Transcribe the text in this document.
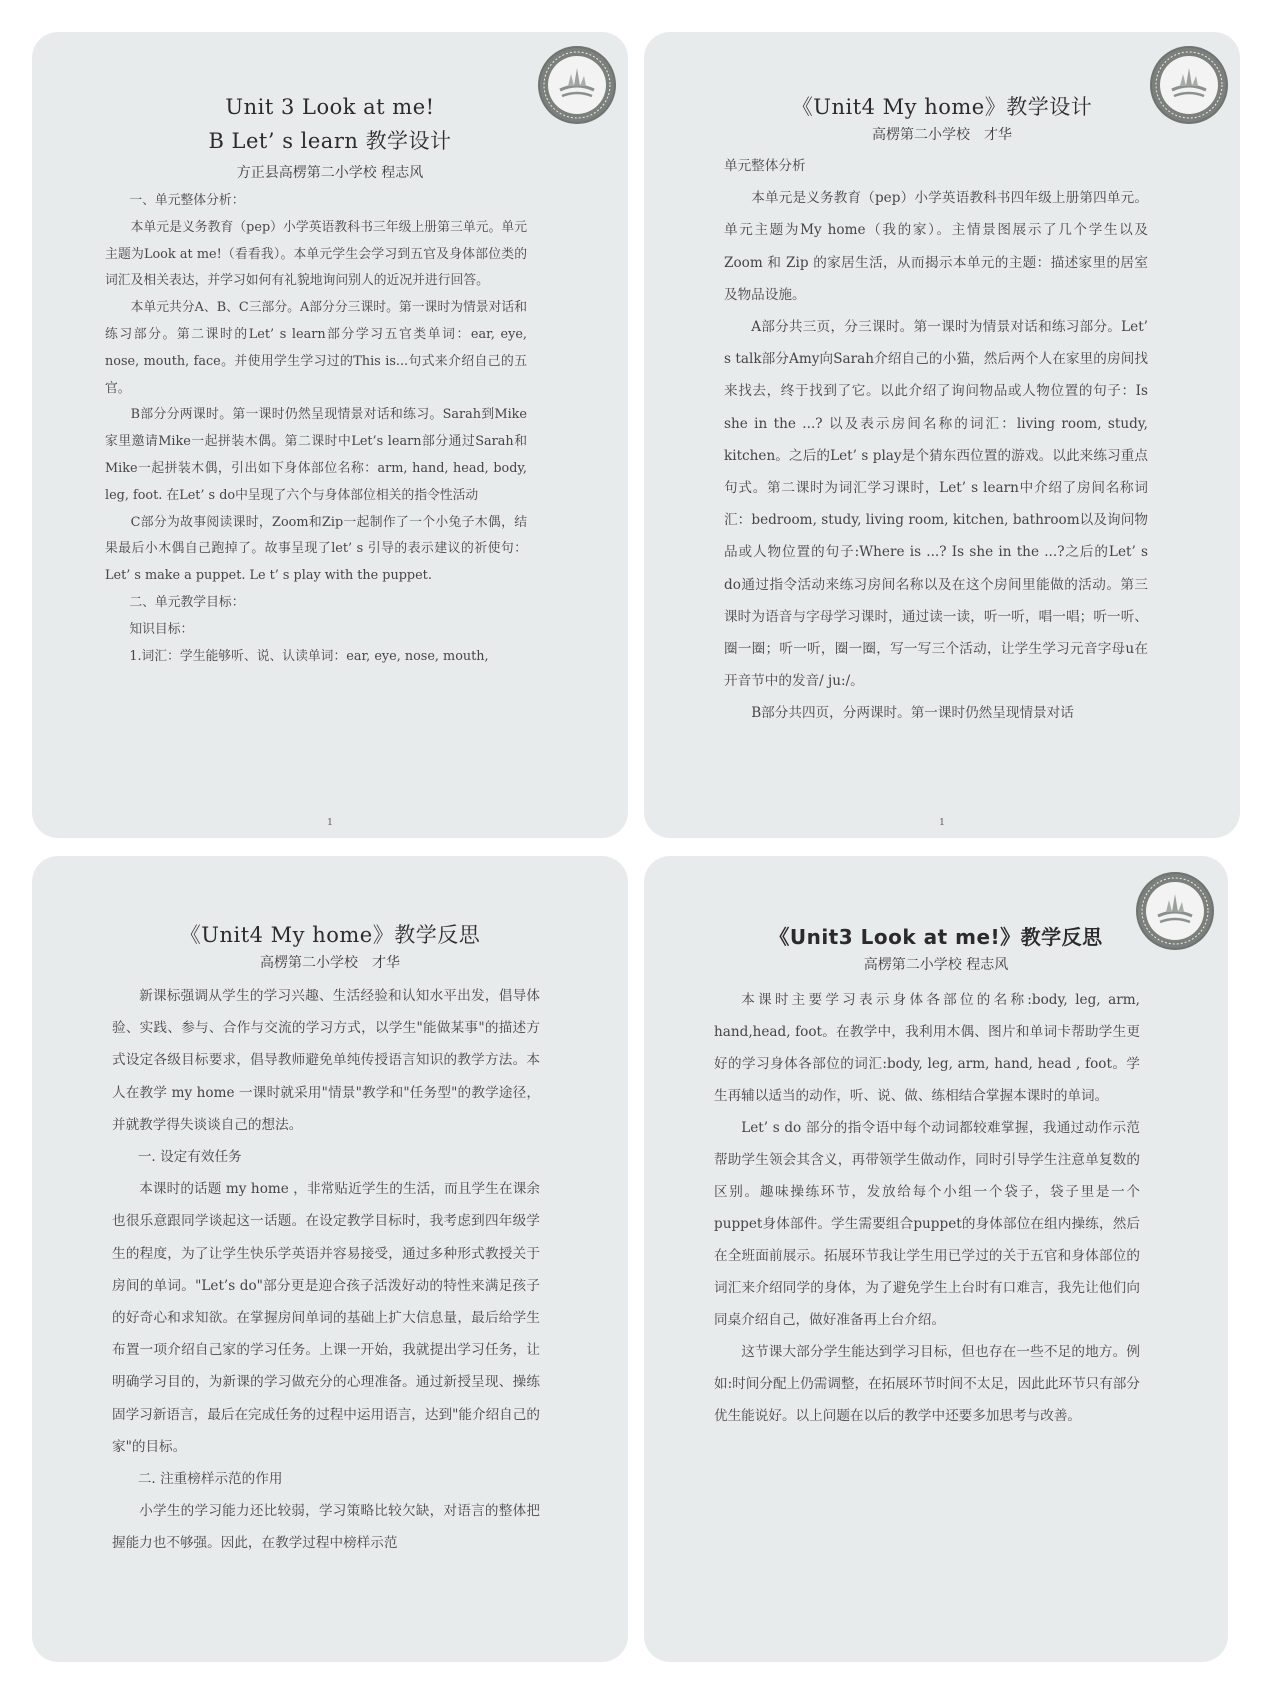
Unit 3 Look at me!
B Let’ s learn 教学设计
方正县高楞第二小学校 程志风

一、单元整体分析：

本单元是义务教育（pep）小学英语教科书三年级上册第三单元。单元主题为Look at me!（看看我）。本单元学生会学习到五官及身体部位类的词汇及相关表达，并学习如何有礼貌地询问别人的近况并进行回答。

本单元共分A、B、C三部分。A部分分三课时。第一课时为情景对话和练习部分。第二课时的Let’ s learn部分学习五官类单词：ear, eye, nose, mouth, face。并使用学生学习过的This is...句式来介绍自己的五官。

B部分分两课时。第一课时仍然呈现情景对话和练习。Sarah到Mike 家里邀请Mike一起拼装木偶。第二课时中Let’s learn部分通过Sarah和Mike一起拼装木偶，引出如下身体部位名称：arm, hand, head, body, leg, foot. 在Let’ s do中呈现了六个与身体部位相关的指令性活动

C部分为故事阅读课时，Zoom和Zip一起制作了一个小兔子木偶，结果最后小木偶自己跑掉了。故事呈现了let’ s 引导的表示建议的祈使句：Let’ s make a puppet. Le t’ s play with the puppet.

二、单元教学目标：

知识目标：

1.词汇：学生能够听、说、认读单词：ear, eye, nose, mouth,

1
《Unit4 My home》教学设计
高楞第二小学校　才华

单元整体分析

本单元是义务教育（pep）小学英语教科书四年级上册第四单元。单元主题为My home（我的家）。主情景图展示了几个学生以及 Zoom 和 Zip 的家居生活，从而揭示本单元的主题：描述家里的居室及物品设施。

A部分共三页，分三课时。第一课时为情景对话和练习部分。Let’ s talk部分Amy向Sarah介绍自己的小猫，然后两个人在家里的房间找来找去，终于找到了它。以此介绍了询问物品或人物位置的句子：Is she in the ...? 以及表示房间名称的词汇：living room, study, kitchen。之后的Let’ s play是个猜东西位置的游戏。以此来练习重点句式。第二课时为词汇学习课时，Let’ s learn中介绍了房间名称词汇：bedroom, study, living room, kitchen, bathroom以及询问物品或人物位置的句子:Where is ...? Is she in the ...?之后的Let’ s do通过指令活动来练习房间名称以及在这个房间里能做的活动。第三课时为语音与字母学习课时，通过读一读，听一听，唱一唱；听一听、圈一圈；听一听，圈一圈，写一写三个活动，让学生学习元音字母u在开音节中的发音/ ju:/。

B部分共四页，分两课时。第一课时仍然呈现情景对话

1
《Unit4 My home》教学反思
高楞第二小学校　才华

新课标强调从学生的学习兴趣、生活经验和认知水平出发，倡导体验、实践、参与、合作与交流的学习方式，以学生"能做某事"的描述方式设定各级目标要求，倡导教师避免单纯传授语言知识的教学方法。本人在教学 my home 一课时就采用"情景"教学和"任务型"的教学途径，并就教学得失谈谈自己的想法。

一. 设定有效任务

本课时的话题 my home ，非常贴近学生的生活，而且学生在课余也很乐意跟同学谈起这一话题。在设定教学目标时，我考虑到四年级学生的程度，为了让学生快乐学英语并容易接受，通过多种形式教授关于房间的单词。"Let’s do"部分更是迎合孩子活泼好动的特性来满足孩子的好奇心和求知欲。在掌握房间单词的基础上扩大信息量，最后给学生布置一项介绍自己家的学习任务。上课一开始，我就提出学习任务，让明确学习目的，为新课的学习做充分的心理准备。通过新授呈现、操练固学习新语言，最后在完成任务的过程中运用语言，达到"能介绍自己的家"的目标。

二. 注重榜样示范的作用

小学生的学习能力还比较弱，学习策略比较欠缺，对语言的整体把握能力也不够强。因此，在教学过程中榜样示范

《Unit3 Look at me!》教学反思
高楞第二小学校 程志风

本课时主要学习表示身体各部位的名称:body, leg, arm, hand,head, foot。在教学中，我利用木偶、图片和单词卡帮助学生更好的学习身体各部位的词汇:body, leg, arm, hand, head , foot。学生再辅以适当的动作，听、说、做、练相结合掌握本课时的单词。

Let’ s do 部分的指令语中每个动词都较难掌握，我通过动作示范帮助学生领会其含义，再带领学生做动作，同时引导学生注意单复数的区别。趣味操练环节，发放给每个小组一个袋子，袋子里是一个puppet身体部件。学生需要组合puppet的身体部位在组内操练，然后在全班面前展示。拓展环节我让学生用已学过的关于五官和身体部位的词汇来介绍同学的身体，为了避免学生上台时有口难言，我先让他们向同桌介绍自己，做好准备再上台介绍。

这节课大部分学生能达到学习目标，但也存在一些不足的地方。例如:时间分配上仍需调整，在拓展环节时间不太足，因此此环节只有部分优生能说好。以上问题在以后的教学中还要多加思考与改善。
